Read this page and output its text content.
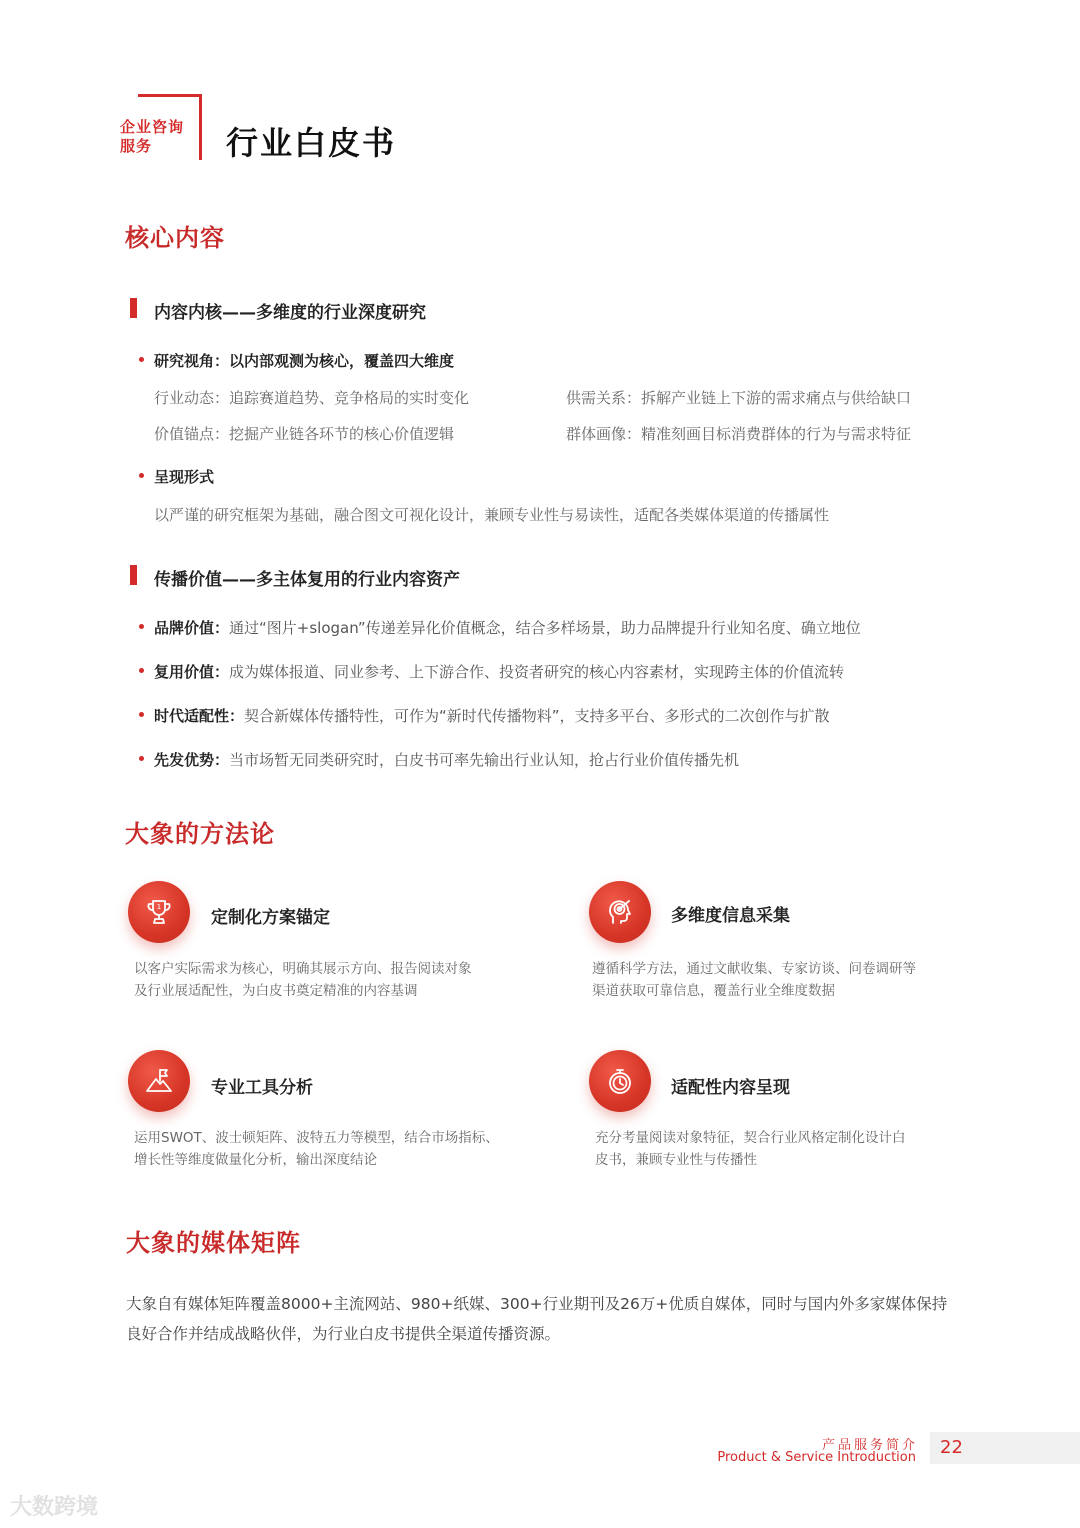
企业咨询
服务	行业白皮书
核心内容
内容内核——多维度的行业深度研究
研究视角：以内部观测为核心，覆盖四大维度
行业动态：追踪赛道趋势、竞争格局的实时变化	供需关系：拆解产业链上下游的需求痛点与供给缺口
价值锚点：挖掘产业链各环节的核心价值逻辑	群体画像：精准刻画目标消费群体的行为与需求特征
呈现形式
以严谨的研究框架为基础，融合图文可视化设计，兼顾专业性与易读性，适配各类媒体渠道的传播属性
传播价值——多主体复用的行业内容资产
品牌价值：通过“图片+slogan”传递差异化价值概念，结合多样场景，助力品牌提升行业知名度、确立地位
复用价值：成为媒体报道、同业参考、上下游合作、投资者研究的核心内容素材，实现跨主体的价值流转
时代适配性：契合新媒体传播特性，可作为“新时代传播物料”，支持多平台、多形式的二次创作与扩散
先发优势：当市场暂无同类研究时，白皮书可率先输出行业认知，抢占行业价值传播先机
大象的方法论
1
定制化方案锚定
以客户实际需求为核心，明确其展示方向、报告阅读对象
及行业展适配性，为白皮书奠定精准的内容基调
多维度信息采集
遵循科学方法，通过文献收集、专家访谈、问卷调研等
渠道获取可靠信息，覆盖行业全维度数据
专业工具分析
运用SWOT、波士顿矩阵、波特五力等模型，结合市场指标、
增长性等维度做量化分析，输出深度结论
适配性内容呈现
充分考量阅读对象特征，契合行业风格定制化设计白
皮书，兼顾专业性与传播性
大象的媒体矩阵
大象自有媒体矩阵覆盖8000+主流网站、980+纸媒、300+行业期刊及26万+优质自媒体，同时与国内外多家媒体保持
良好合作并结成战略伙伴，为行业白皮书提供全渠道传播资源。
产品服务简介
Product & Service Introduction 22
大数跨境
